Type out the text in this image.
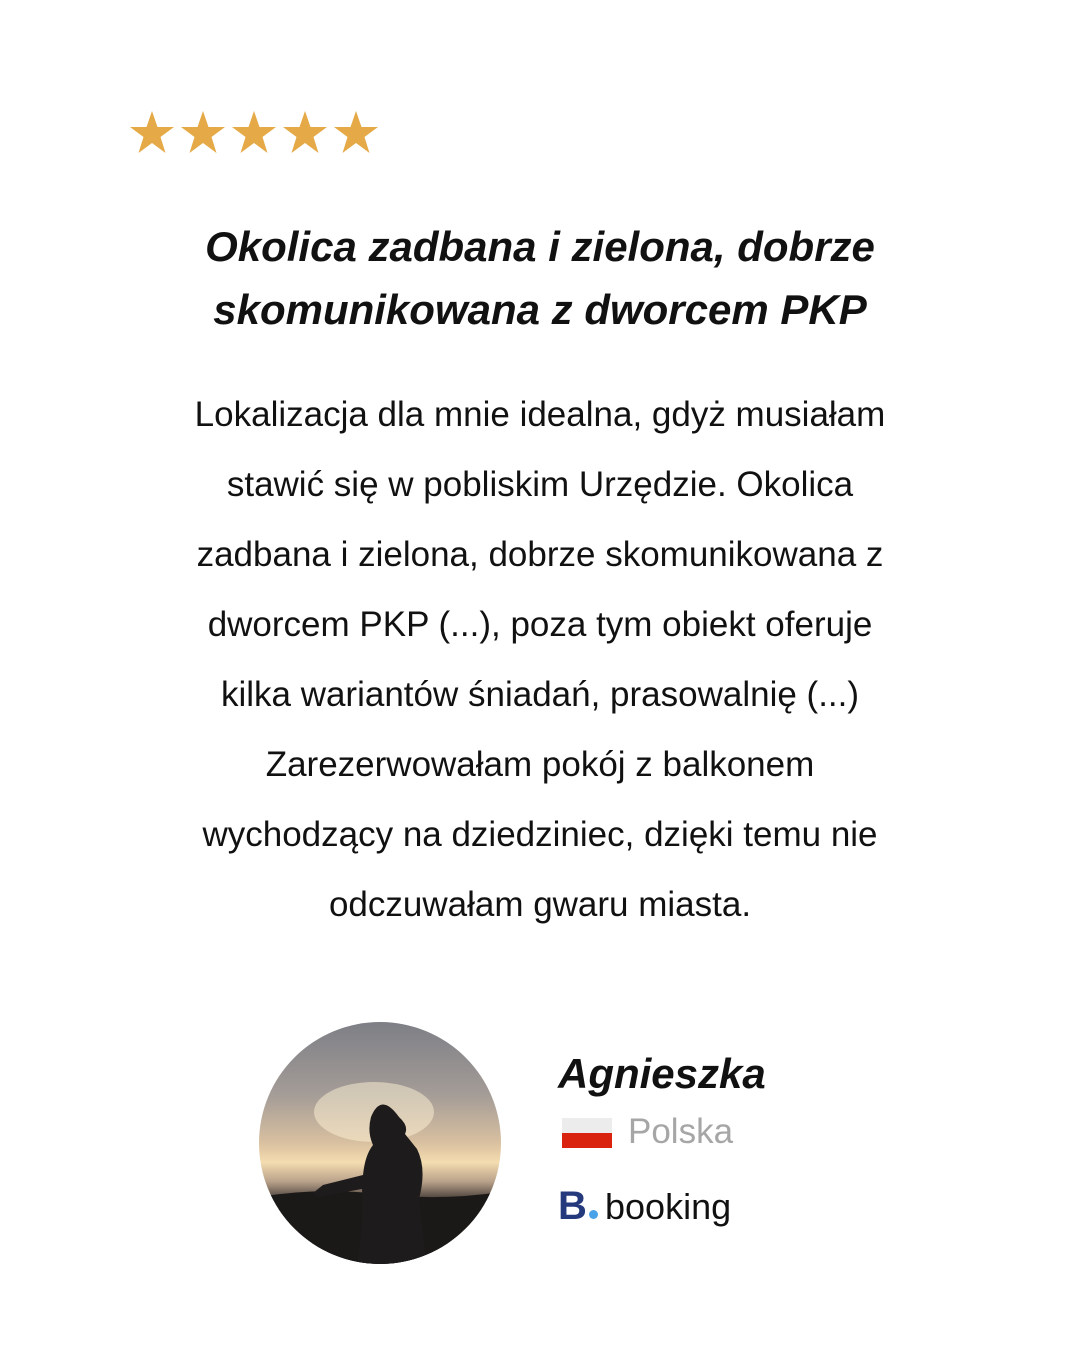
Okolica zadbana i zielona, dobrze
skomunikowana z dworcem PKP
Lokalizacja dla mnie idealna, gdyż musiałam
stawić się w pobliskim Urzędzie. Okolica
zadbana i zielona, dobrze skomunikowana z
dworcem PKP (...), poza tym obiekt oferuje
kilka wariantów śniadań, prasowalnię (...)
Zarezerwowałam pokój z balkonem
wychodzący na dziedziniec, dzięki temu nie
odczuwałam gwaru miasta.
Agnieszka
Polska
B booking
